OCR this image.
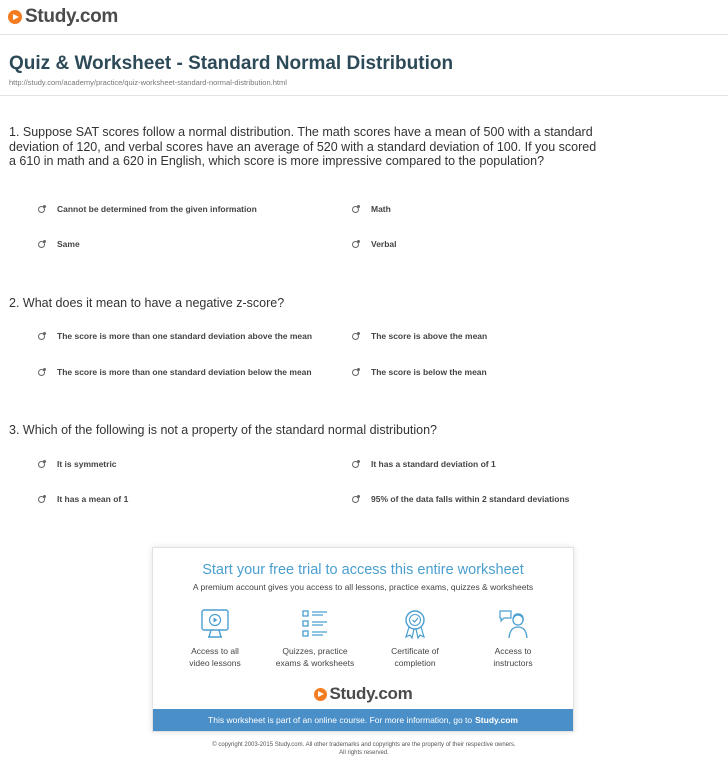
Study.com
Quiz & Worksheet - Standard Normal Distribution
http://study.com/academy/practice/quiz-worksheet-standard-normal-distribution.html
1. Suppose SAT scores follow a normal distribution. The math scores have a mean of 500 with a standard deviation of 120, and verbal scores have an average of 520 with a standard deviation of 100. If you scored a 610 in math and a 620 in English, which score is more impressive compared to the population?
Cannot be determined from the given information	Math
Same	Verbal
2. What does it mean to have a negative z-score?
The score is more than one standard deviation above the mean	The score is above the mean
The score is more than one standard deviation below the mean	The score is below the mean
3. Which of the following is not a property of the standard normal distribution?
It is symmetric	It has a standard deviation of 1
It has a mean of 1	95% of the data falls within 2 standard deviations
Start your free trial to access this entire worksheet
A premium account gives you access to all lessons, practice exams, quizzes & worksheets
Access to all
video lessons
Quizzes, practice
exams & worksheets
Certificate of
completion
Access to
instructors
Study.com
This worksheet is part of an online course. For more information, go to Study.com
© copyright 2003-2015 Study.com. All other trademarks and copyrights are the property of their respective owners.
All rights reserved.
